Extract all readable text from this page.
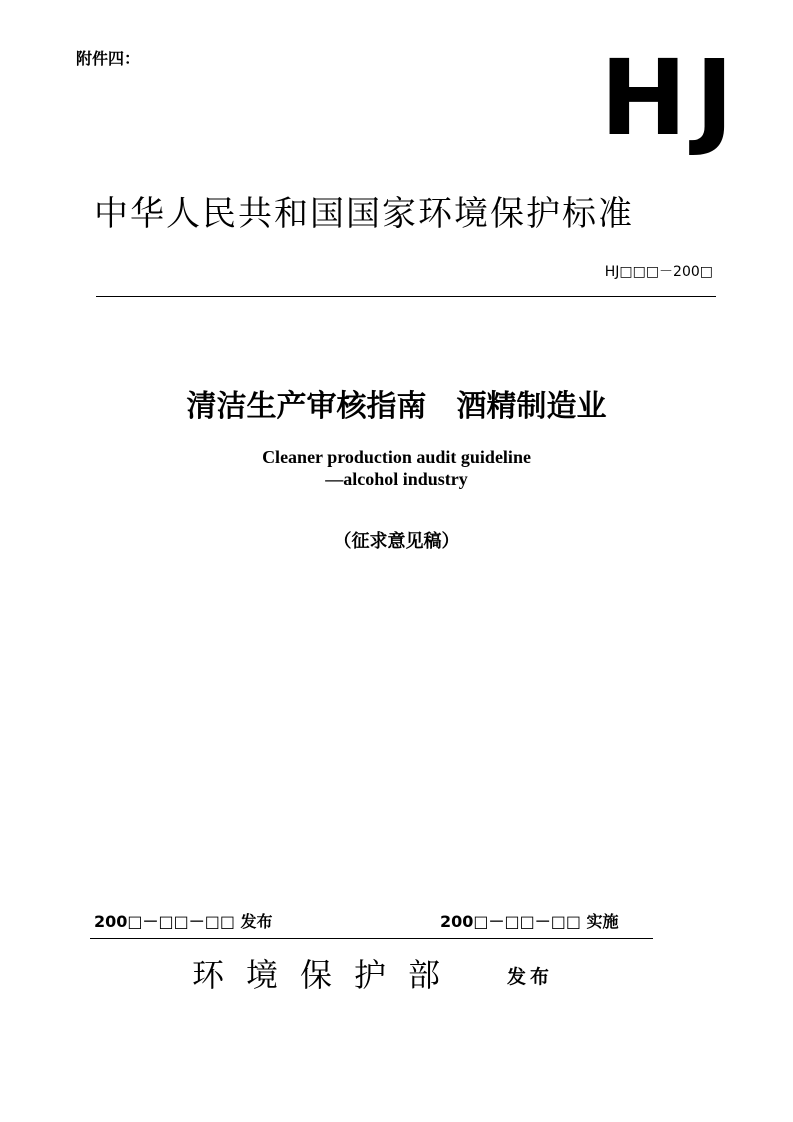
附件四：	HJ
中华人民共和国国家环境保护标准
HJ□□□－200□
清洁生产审核指南　酒精制造业
Cleaner production audit guideline
—alcohol industry
（征求意见稿）
200□－□□－□□ 发布	200□－□□－□□ 实施
环境保护部 发布
